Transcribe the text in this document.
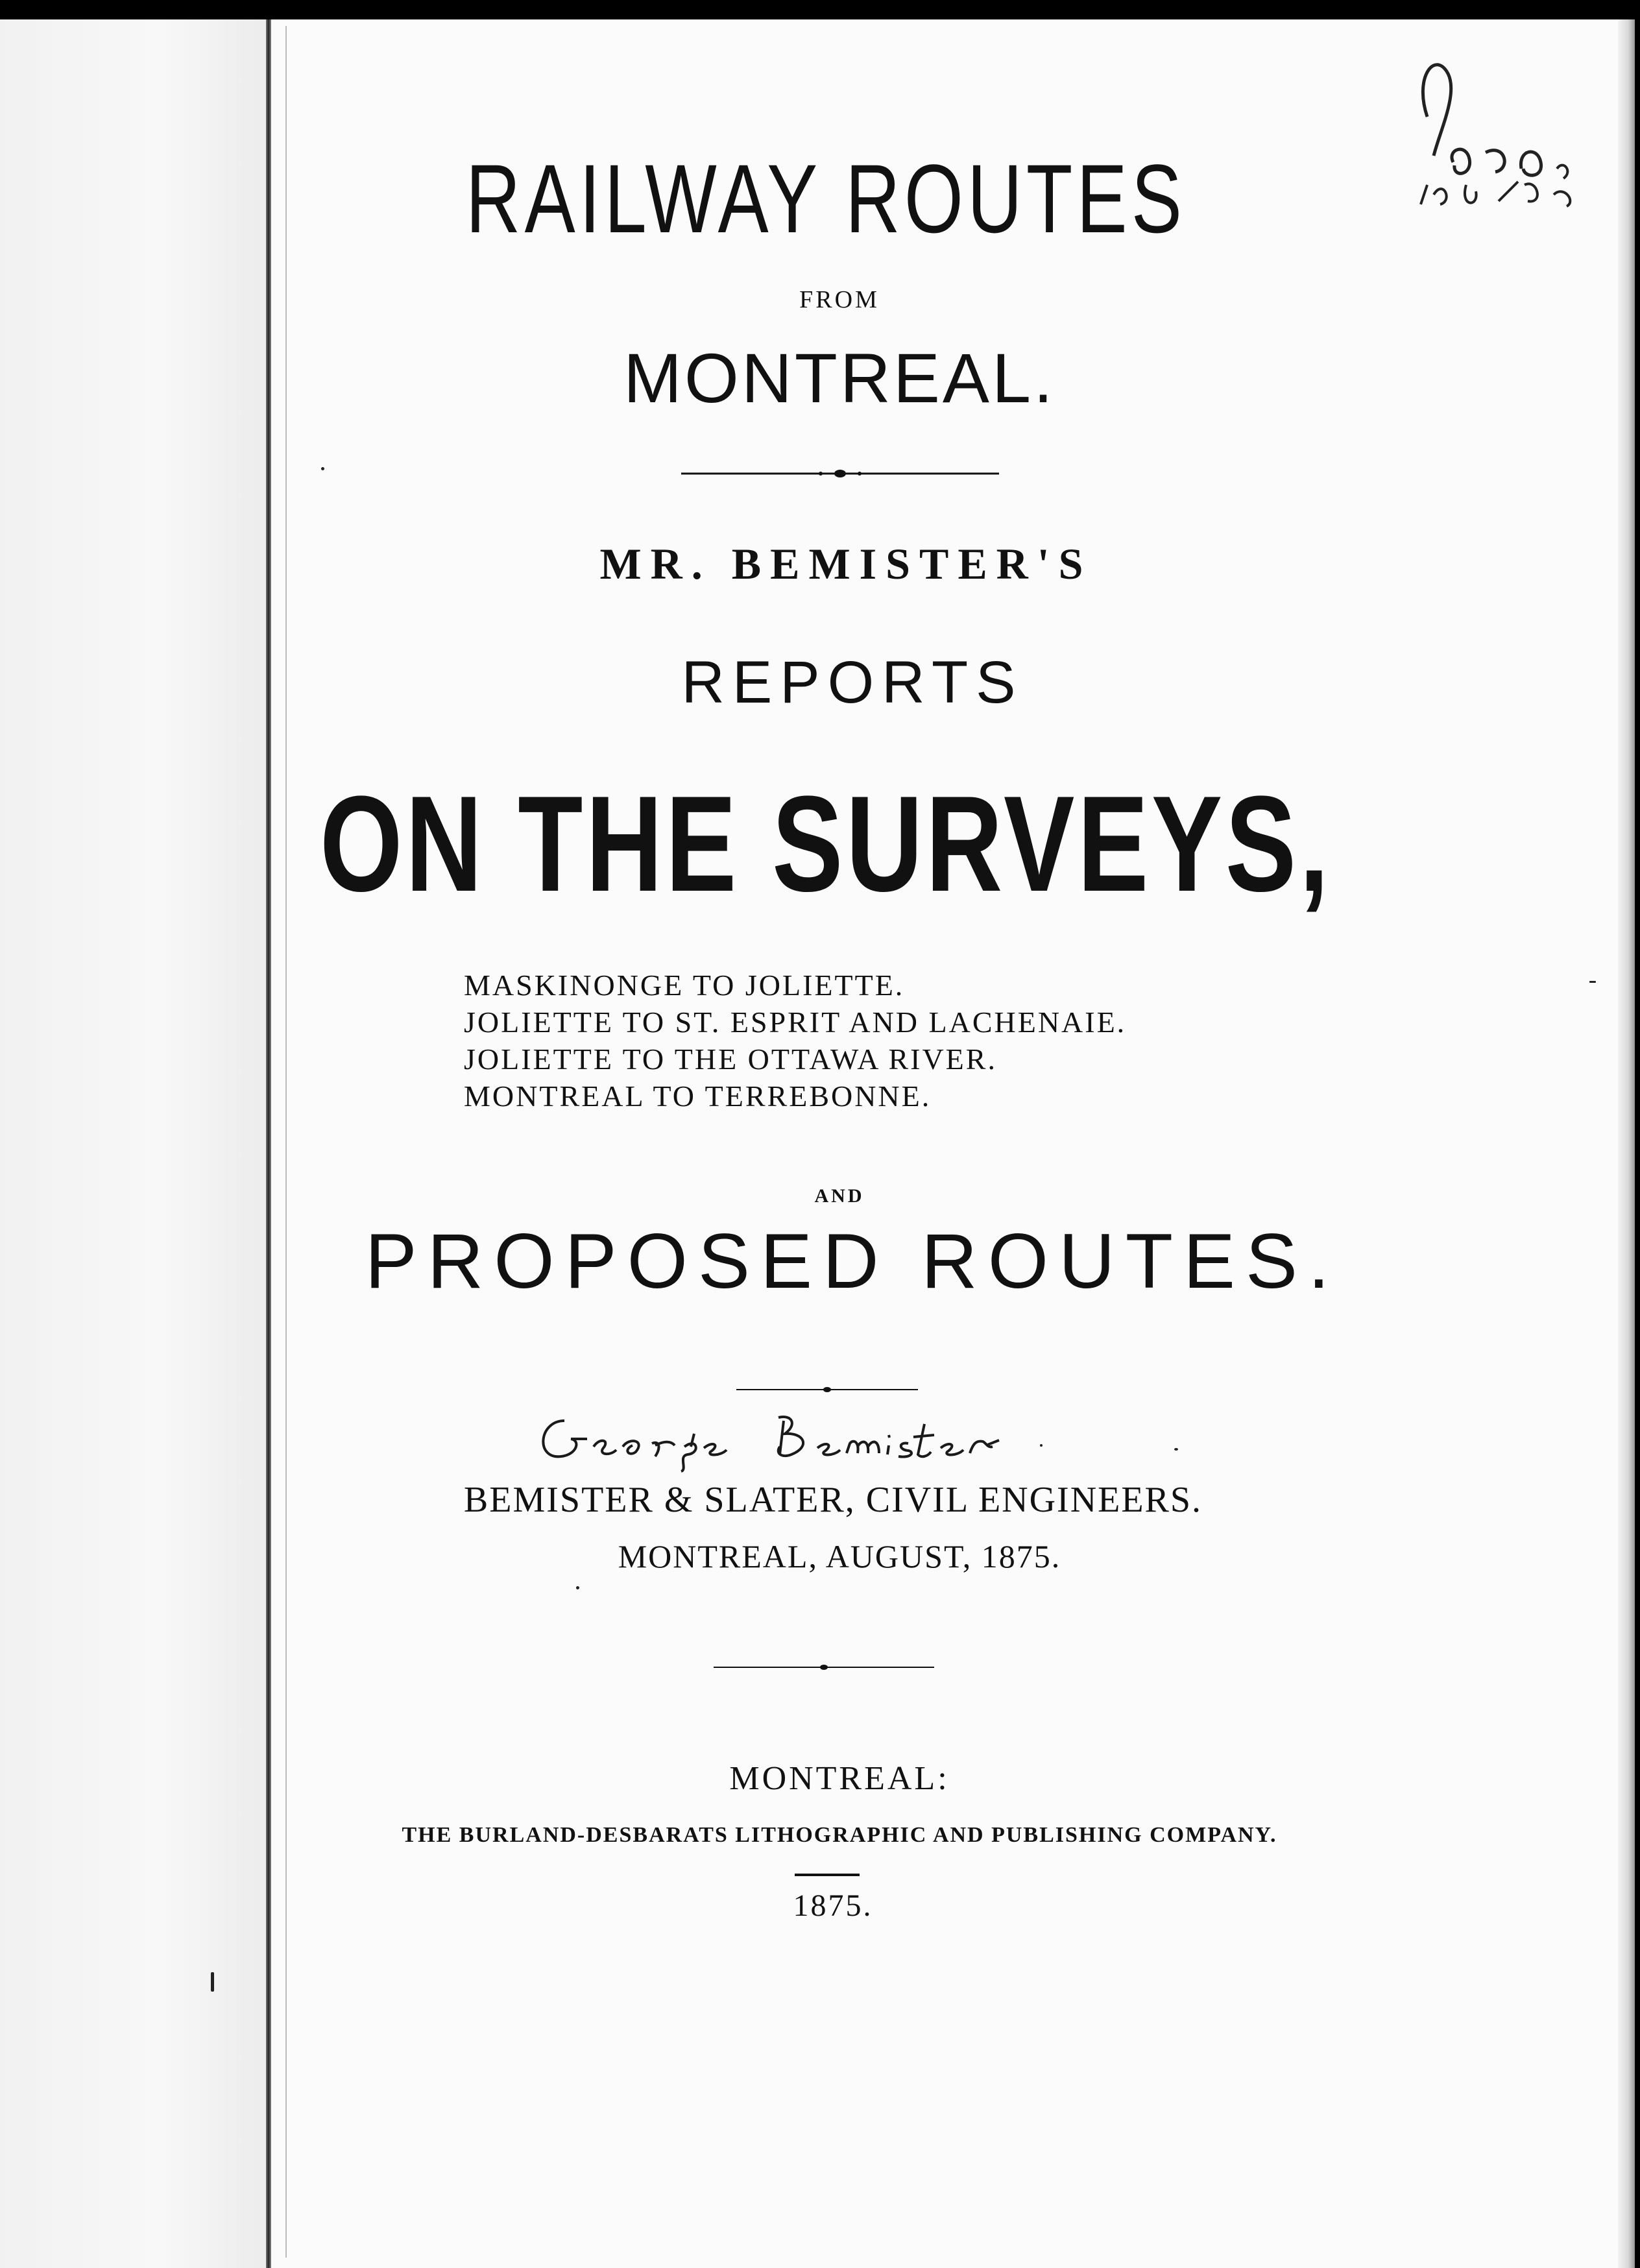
RAILWAY ROUTES
FROM
MONTREAL.
MR. BEMISTER'S
REPORTS
ON THE SURVEYS,
MASKINONGE TO JOLIETTE.
JOLIETTE TO ST. ESPRIT AND LACHENAIE.
JOLIETTE TO THE OTTAWA RIVER.
MONTREAL TO TERREBONNE.
AND
PROPOSED ROUTES.
BEMISTER & SLATER, CIVIL ENGINEERS.
MONTREAL, AUGUST, 1875.
MONTREAL:
THE BURLAND-DESBARATS LITHOGRAPHIC AND PUBLISHING COMPANY.
1875.
